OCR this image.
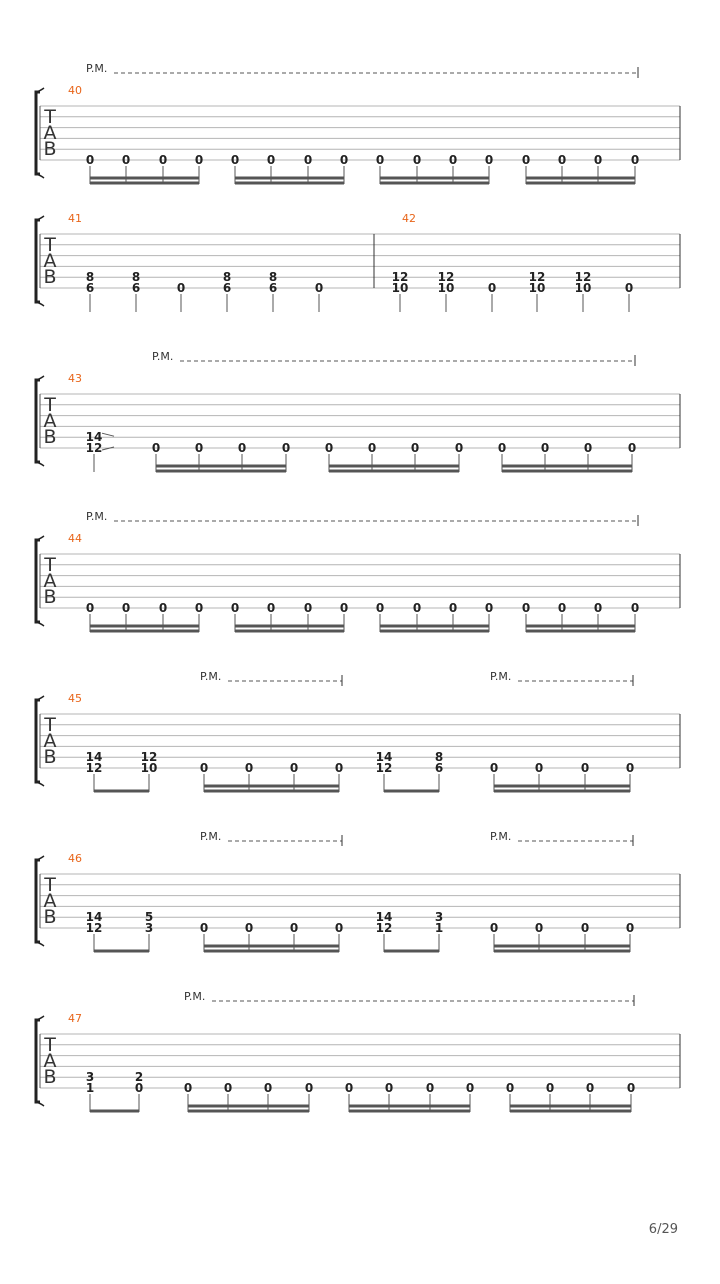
T
A
B
40
0 0 0 0 0 0 0 0 0 0 0 0 0 0 0 0
P.M.
T
A
B
41
8
6
8
6	0
8
6
8
6	0
42
12
10
12
10	0
12
10
12
10	0
T
A
B
43
14
12	0	0	0	0	0	0	0	0	0	0	0	0
P.M.
T
A
B
44
0 0 0 0 0 0 0 0 0 0 0 0 0 0 0 0
P.M.
T
A
B
45
14
12
12
10	0	0	0	0
14
12
8
6	0	0	0	0
P.M.	P.M.
T
A
B
46
14
12
5
3	0	0	0	0
14
12
3
1	0	0	0	0
P.M.	P.M.
T
A
B
47
3
1
2
0	0	0	0	0	0	0	0	0	0	0	0	0
P.M.
6/29
